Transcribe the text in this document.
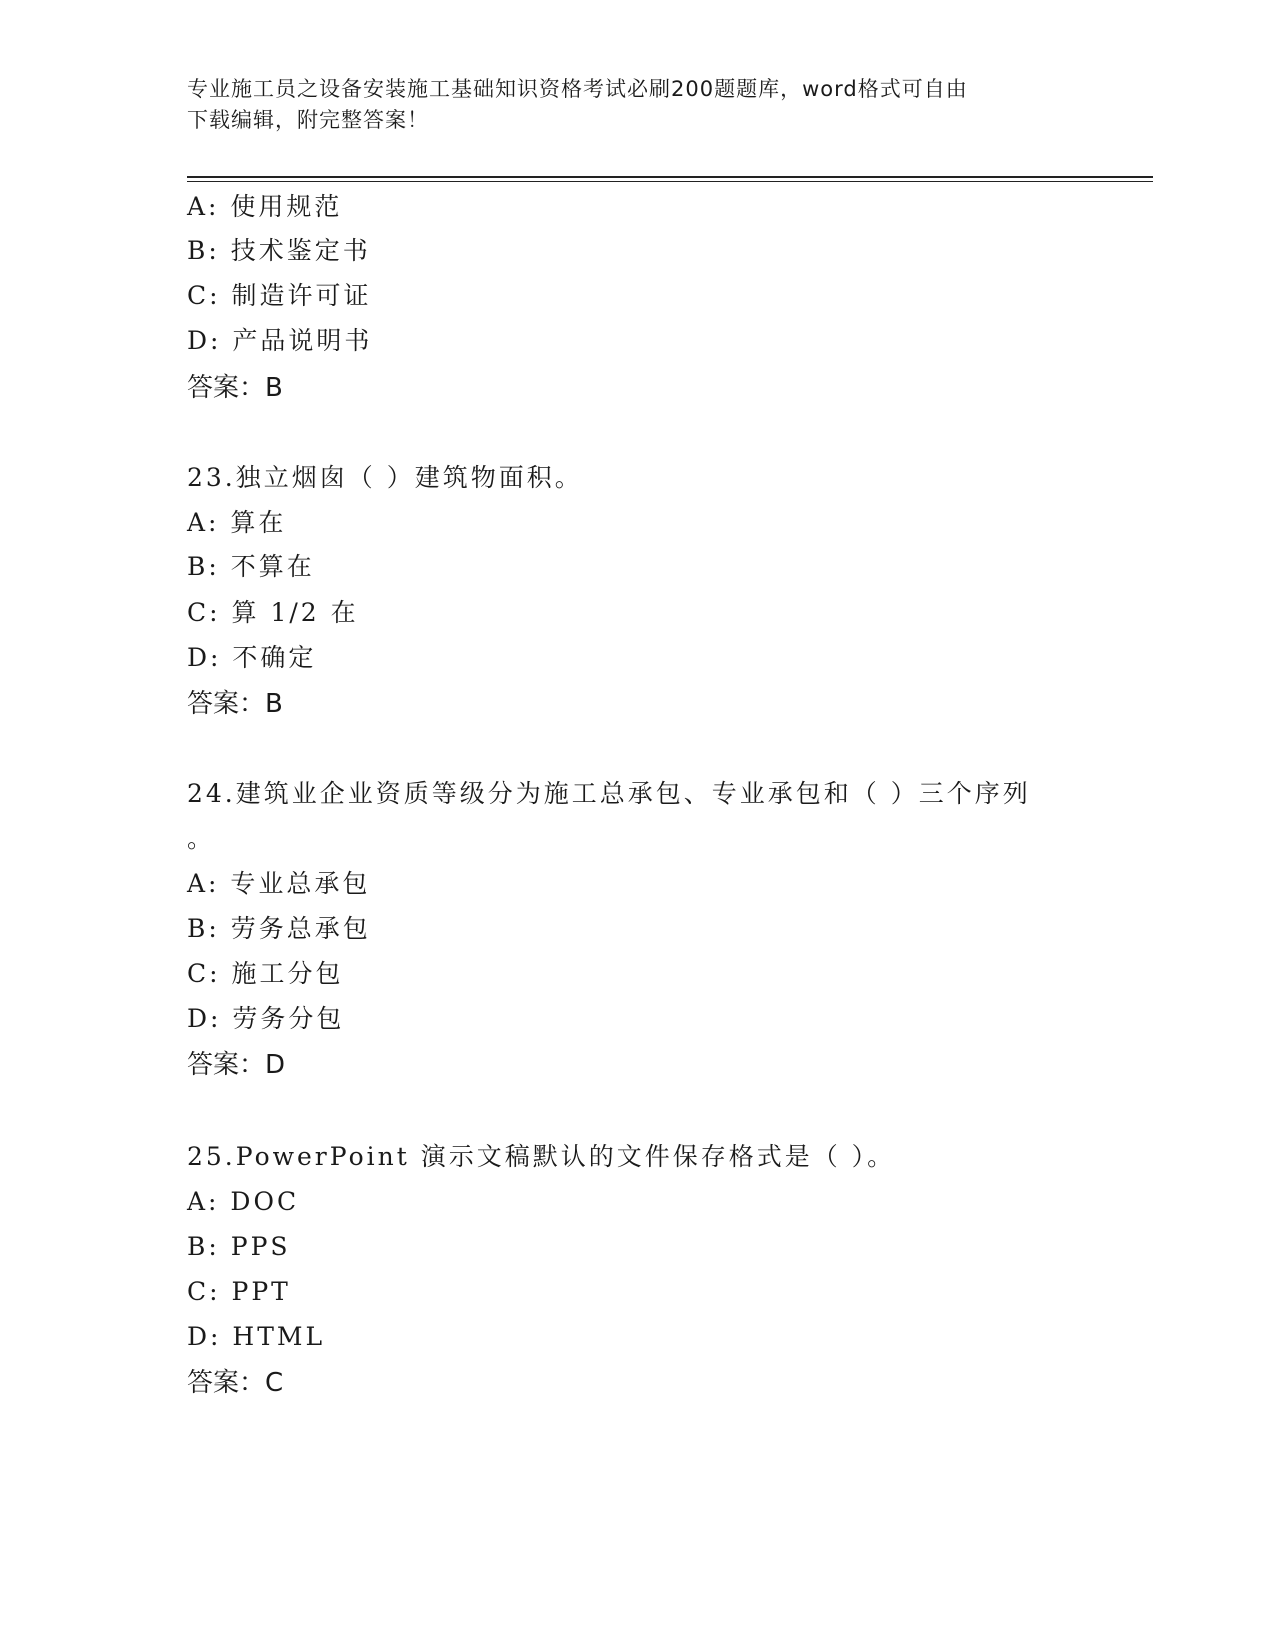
专业施工员之设备安装施工基础知识资格考试必刷200题题库，word格式可自由
下载编辑，附完整答案！
A: 使用规范
B: 技术鉴定书
C: 制造许可证
D: 产品说明书
答案：B
23.独立烟囱（ ）建筑物面积。
A: 算在
B: 不算在
C: 算 1/2 在
D: 不确定
答案：B
24.建筑业企业资质等级分为施工总承包、专业承包和（ ）三个序列
。
A: 专业总承包
B: 劳务总承包
C: 施工分包
D: 劳务分包
答案：D
25.PowerPoint 演示文稿默认的文件保存格式是（ ）。
A: DOC
B: PPS
C: PPT
D: HTML
答案：C
